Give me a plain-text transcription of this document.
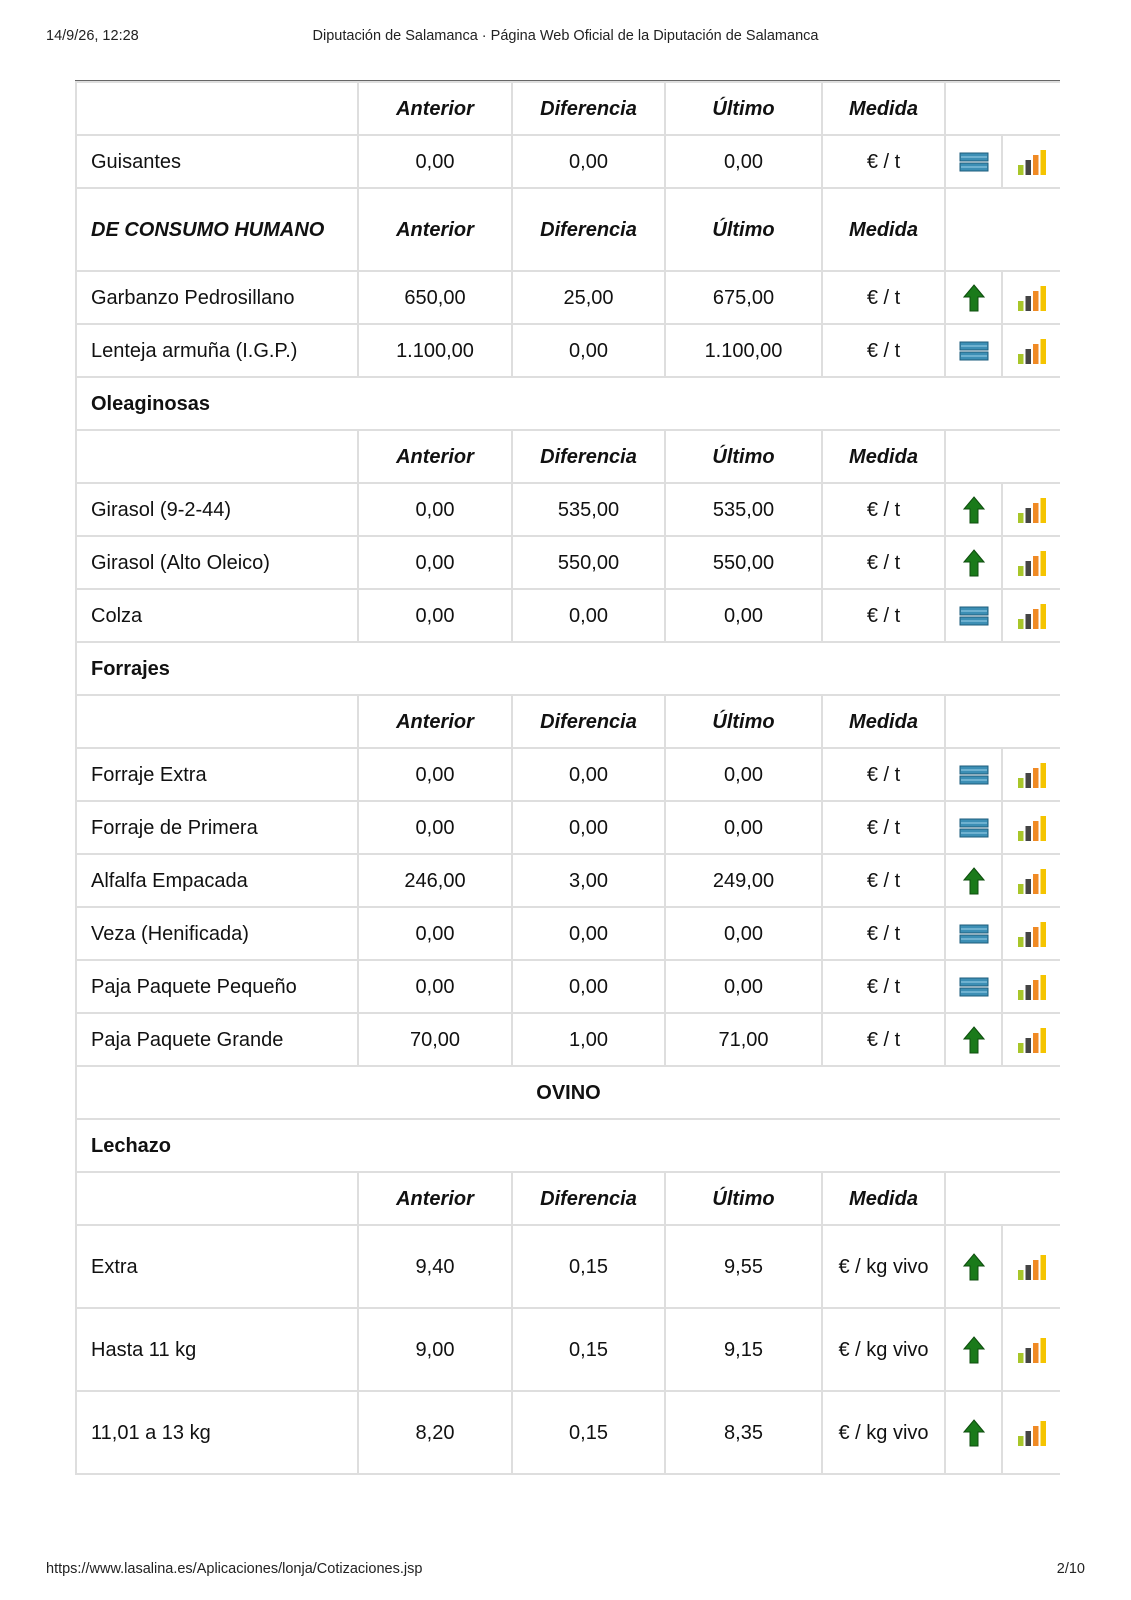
14/9/26, 12:28	Diputación de Salamanca · Página Web Oficial de la Diputación de Salamanca
	Anterior	Diferencia	Último	Medida		
Guisantes	0,00	0,00	0,00	€ / t		
DE CONSUMO HUMANO	Anterior	Diferencia	Último	Medida		
Garbanzo Pedrosillano	650,00	25,00	675,00	€ / t		
Lenteja armuña (I.G.P.)	1.100,00	0,00	1.100,00	€ / t		
Oleaginosas						
	Anterior	Diferencia	Último	Medida		
Girasol (9-2-44)	0,00	535,00	535,00	€ / t		
Girasol (Alto Oleico)	0,00	550,00	550,00	€ / t		
Colza	0,00	0,00	0,00	€ / t		
Forrajes						
	Anterior	Diferencia	Último	Medida		
Forraje Extra	0,00	0,00	0,00	€ / t		
Forraje de Primera	0,00	0,00	0,00	€ / t		
Alfalfa Empacada	246,00	3,00	249,00	€ / t		
Veza (Henificada)	0,00	0,00	0,00	€ / t		
Paja Paquete Pequeño	0,00	0,00	0,00	€ / t		
Paja Paquete Grande	70,00	1,00	71,00	€ / t		
OVINO						
Lechazo						
	Anterior	Diferencia	Último	Medida		
Extra	9,40	0,15	9,55	€ / kg vivo		
Hasta 11 kg	9,00	0,15	9,15	€ / kg vivo		
11,01 a 13 kg	8,20	0,15	8,35	€ / kg vivo		
https://www.lasalina.es/Aplicaciones/lonja/Cotizaciones.jsp	2/10
